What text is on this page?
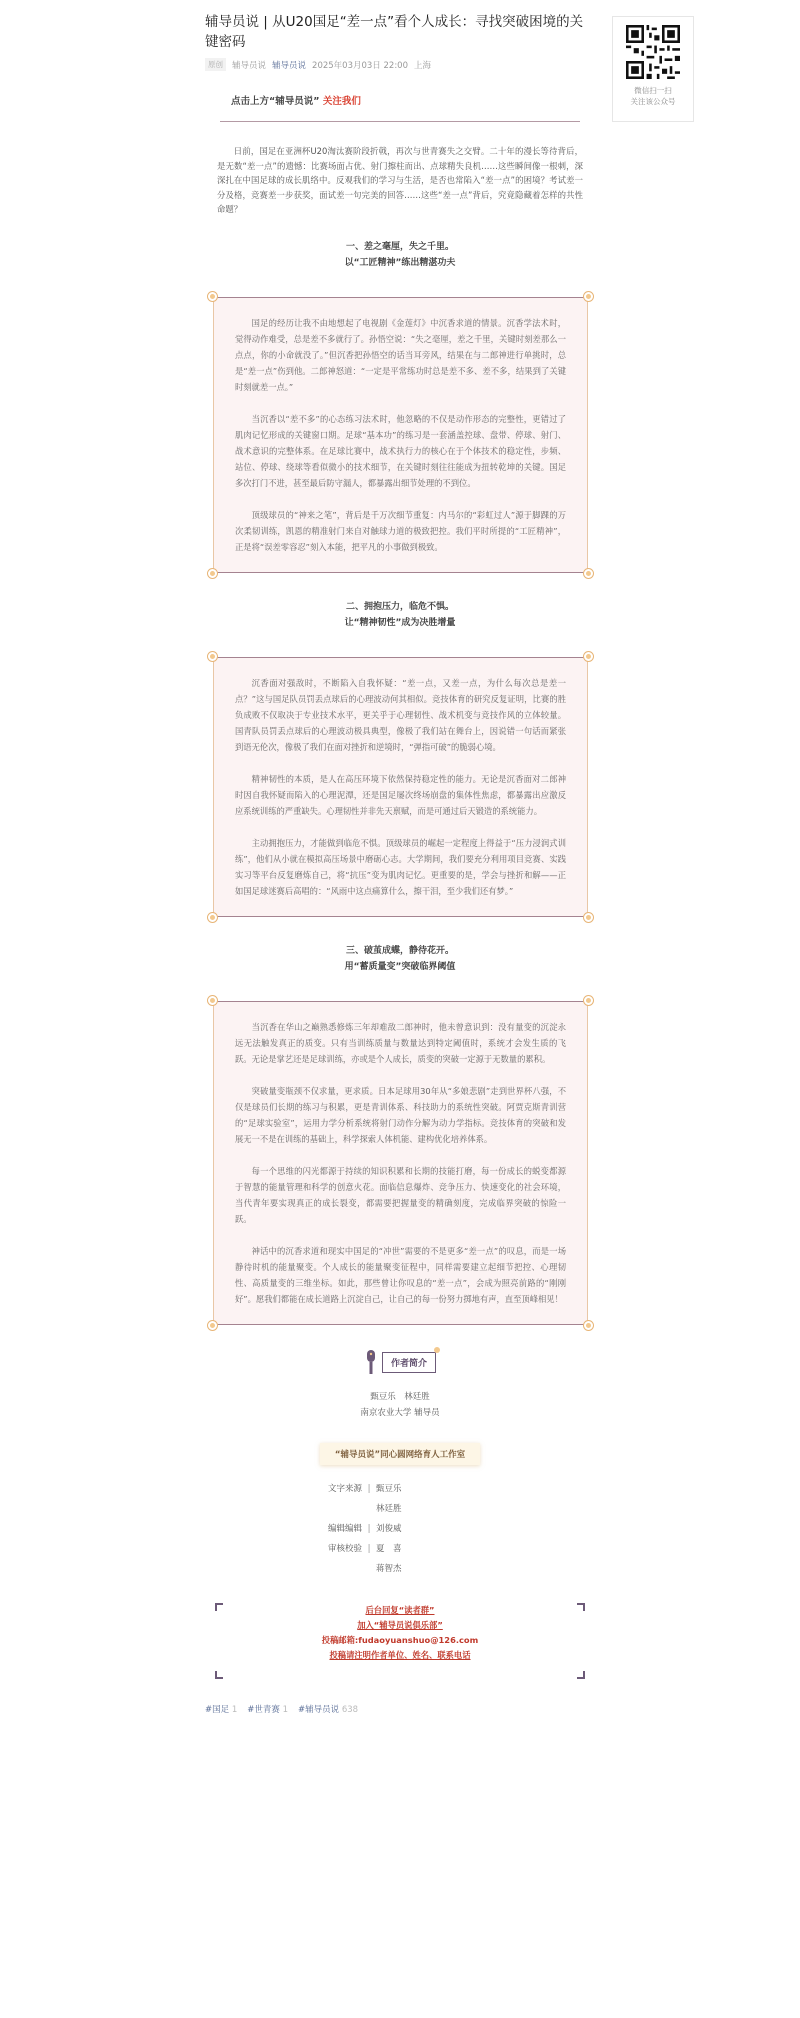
辅导员说 | 从U20国足“差一点”看个人成长：寻找突破困境的关键密码
原创	辅导员说 辅导员说 2025年03月03日 22:00 上海
点击上方“辅导员说” 关注我们

日前，国足在亚洲杯U20淘汰赛阶段折戟，再次与世青赛失之交臂。二十年的漫长等待背后，是无数“差一点”的遗憾：比赛场面占优、射门擦柱而出、点球精失良机……这些瞬间像一根刺，深深扎在中国足球的成长肌络中。反观我们的学习与生活，是否也常陷入“差一点”的困境？考试差一分及格，竞赛差一步获奖，面试差一句完美的回答……这些“差一点”背后，究竟隐藏着怎样的共性命题？

一、差之毫厘，失之千里。
以“工匠精神”练出精湛功夫

国足的经历让我不由地想起了电视剧《金莲灯》中沉香求道的情景。沉香学法术时，觉得动作难受，总是差不多就行了。孙悟空说：“失之毫厘，差之千里，关键时刻差那么一点点，你的小命就没了。”但沉香把孙悟空的话当耳旁风，结果在与二郎神进行单挑时，总是“差一点”伤到他。二郎神怒道：“一定是平常练功时总是差不多、差不多，结果到了关键时刻就差一点。”

当沉香以“差不多”的心态练习法术时，他忽略的不仅是动作形态的完整性，更错过了肌肉记忆形成的关键窗口期。足球“基本功”的练习是一套涵盖控球、盘带、停球、射门、战术意识的完整体系。在足球比赛中，战术执行力的核心在于个体技术的稳定性，步频、站位、停球、绕球等看似微小的技术细节，在关键时刻往往能成为扭转乾坤的关键。国足多次打门不进，甚至最后防守漏人，都暴露出细节处理的不到位。

顶级球员的“神来之笔”，背后是千万次细节重复：内马尔的“彩虹过人”源于脚踝的万次柔韧训练，凯恩的精准射门来自对触球力道的极致把控。我们平时所提的“工匠精神”，正是将“误差零容忍”刻入本能，把平凡的小事做到极致。

二、拥抱压力，临危不惧。
让“精神韧性”成为决胜增量

沉香面对强敌时，不断陷入自我怀疑：“差一点，又差一点，为什么每次总是差一点？”这与国足队员罚丢点球后的心理波动何其相似。竞技体育的研究反复证明，比赛的胜负成败不仅取决于专业技术水平，更关乎于心理韧性、战术机变与竞技作风的立体较量。国青队员罚丢点球后的心理波动极具典型，像极了我们站在舞台上，因说错一句话而紧张到语无伦次，像极了我们在面对挫折和逆境时，“弹指可破”的脆弱心境。

精神韧性的本质，是人在高压环境下依然保持稳定性的能力。无论是沉香面对二郎神时因自我怀疑而陷入的心理泥潭，还是国足屡次终场崩盘的集体性焦虑，都暴露出应激反应系统训练的严重缺失。心理韧性并非先天禀赋，而是可通过后天锻造的系统能力。

主动拥抱压力，才能做到临危不惧。顶级球员的崛起一定程度上得益于“压力浸润式训练”，他们从小就在模拟高压场景中磨砺心志。大学期间，我们要充分利用项目竞赛、实践实习等平台反复磨炼自己，将“抗压”变为肌肉记忆。更重要的是，学会与挫折和解——正如国足球迷赛后高唱的：“风雨中这点痛算什么，擦干泪，至少我们还有梦。”

三、破茧成蝶，静待花开。
用“蓄质量变”突破临界阈值

当沉香在华山之巅熟悉修炼三年却难敌二郎神时，他未曾意识到：没有量变的沉淀永远无法触发真正的质变。只有当训练质量与数量达到特定阈值时，系统才会发生质的飞跃。无论是掌艺还是足球训练，亦或是个人成长，质变的突破一定源于无数量的累积。

突破量变瓶颈不仅求量，更求质。日本足球用30年从“多娘悲剧”走到世界杯八强，不仅是球员们长期的练习与积累，更是青训体系、科技助力的系统性突破。阿贾克斯青训营的“足球实验室”，运用力学分析系统将射门动作分解为动力学指标。竞技体育的突破和发展无一不是在训练的基础上，科学探索人体机能、建构优化培养体系。

每一个思维的闪光都源于持续的知识积累和长期的技能打磨，每一份成长的蜕变都源于智慧的能量管理和科学的创意火花。面临信息爆炸、竞争压力、快速变化的社会环境，当代青年要实现真正的成长裂变，都需要把握量变的精确刻度，完成临界突破的惊险一跃。

神话中的沉香求道和现实中国足的“冲世”需要的不是更多“差一点”的叹息，而是一场静待时机的能量聚变。个人成长的能量聚变征程中，同样需要建立起细节把控、心理韧性、高质量变的三维坐标。如此，那些曾让你叹息的“差一点”，会成为照亮前路的“刚刚好”。愿我们都能在成长道路上沉淀自己，让自己的每一份努力掷地有声，直至顶峰相见！

作者简介
甄豆乐　林廷胜
南京农业大学 辅导员
“辅导员说”同心圆网络育人工作室
文字来源 | 甄豆乐
林廷胜
编辑编辑 | 刘俊威
审核校验 | 夏　喜
蒋智杰
后台回复“读者群”
加入“辅导员说俱乐部”
投稿邮箱:fudaoyuanshuo@126.com
投稿请注明作者单位、姓名、联系电话
#国足 1 #世青赛 1 #辅导员说 638
微信扫一扫
关注该公众号
